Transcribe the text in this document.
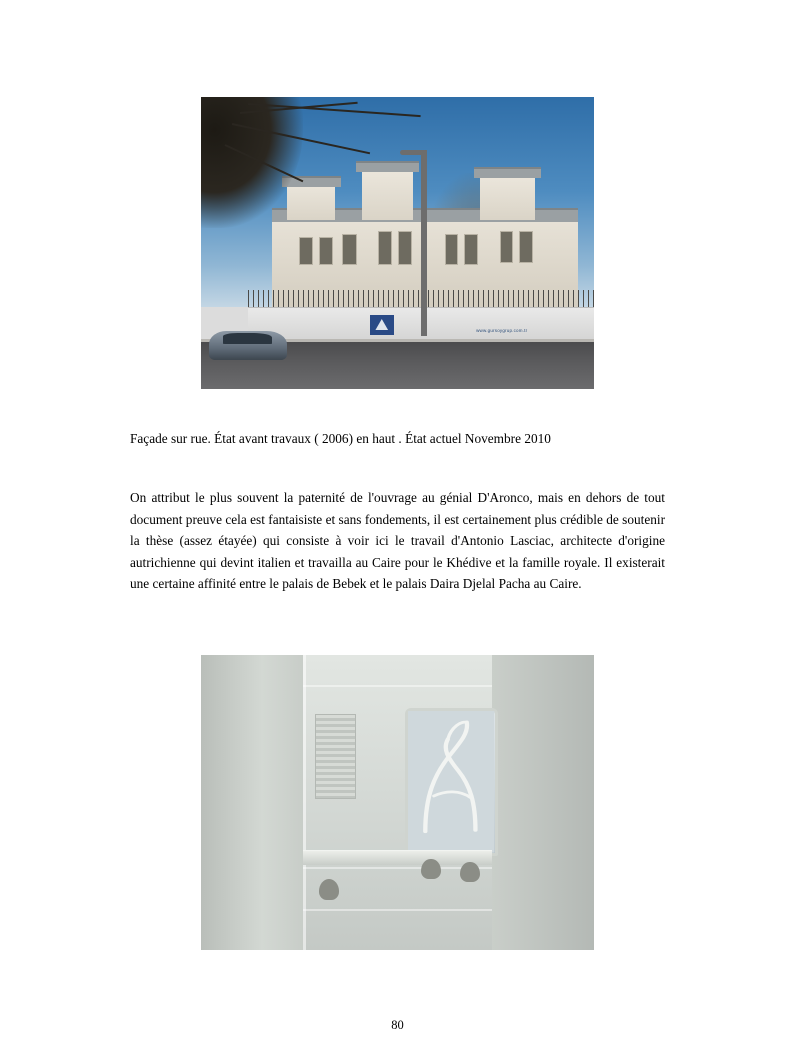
www.gursoygrup.com.tr
Façade sur rue. État avant travaux ( 2006) en haut . État actuel Novembre 2010
On attribut le plus souvent la paternité de l'ouvrage au génial D'Aronco, mais en dehors de tout document preuve cela est fantaisiste et sans fondements, il est certainement plus crédible de soutenir la thèse (assez étayée) qui consiste à voir ici le travail d'Antonio Lasciac, architecte d'origine autrichienne qui devint italien et travailla au Caire pour le Khédive et la famille royale. Il existerait une certaine affinité entre le palais de Bebek et le palais Daira Djelal Pacha au Caire.
80
